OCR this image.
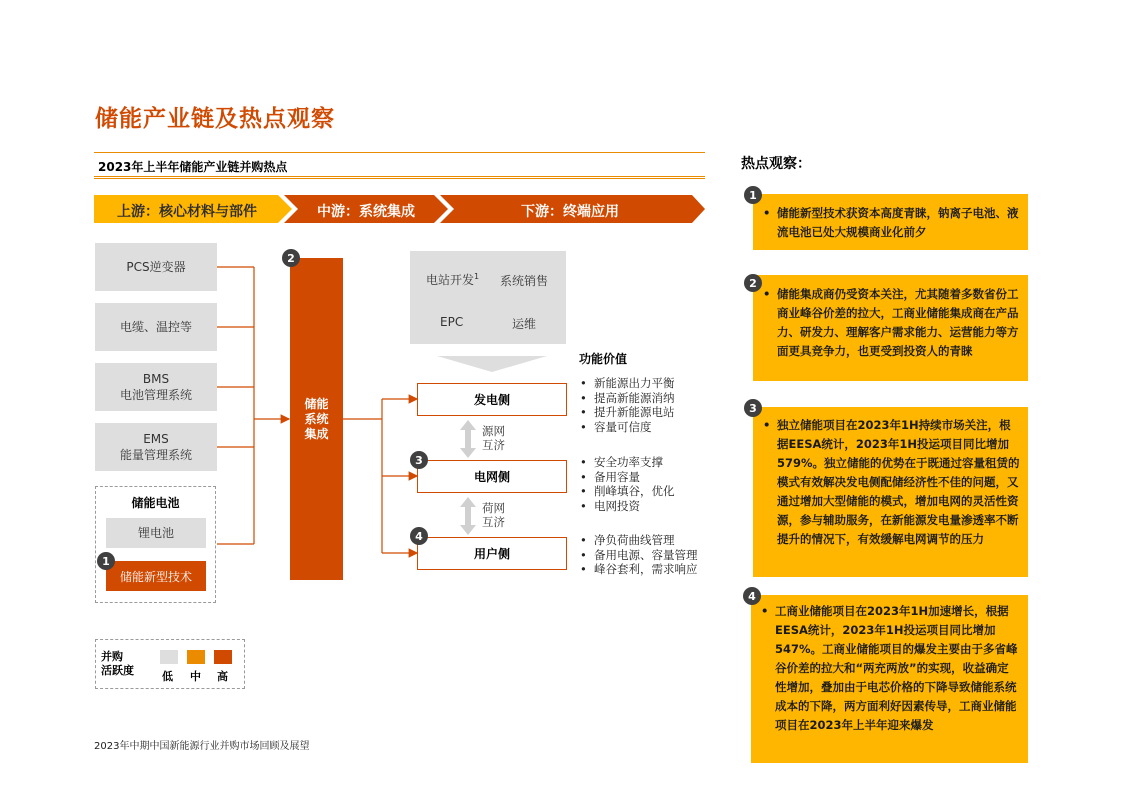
储能产业链及热点观察
2023年上半年储能产业链并购热点
上游：核心材料与部件	中游：系统集成	下游：终端应用
PCS逆变器
电缆、温控等
BMS
电池管理系统
EMS
能量管理系统
储能电池
锂电池
储能新型技术
1
储能
系统
集成
2
电站开发$^1$ 系统销售
EPC	运维
功能价值
发电侧
电网侧
用户侧
3
4
源网
互济
荷网
互济
• 新能源出力平衡
• 提高新能源消纳
• 提升新能源电站
• 容量可信度
• 安全功率支撑
• 备用容量
• 削峰填谷，优化
• 电网投资
• 净负荷曲线管理
• 备用电源、容量管理
• 峰谷套利，需求响应
并购
活跃度	低 中 高
2023年中期中国新能源行业并购市场回顾及展望
热点观察：
• 储能新型技术获资本高度青睐，钠离子电池、液流电池已处大规模商业化前夕
1
• 储能集成商仍受资本关注，尤其随着多数省份工商业峰谷价差的拉大，工商业储能集成商在产品力、研发力、理解客户需求能力、运营能力等方面更具竞争力，也更受到投资人的青睐
2
• 独立储能项目在2023年1H持续市场关注，根据EESA统计，2023年1H投运项目同比增加579%。独立储能的优势在于既通过容量租赁的模式有效解决发电侧配储经济性不佳的问题，又通过增加大型储能的模式，增加电网的灵活性资源，参与辅助服务，在新能源发电量渗透率不断提升的情况下，有效缓解电网调节的压力
3
• 工商业储能项目在2023年1H加速增长，根据EESA统计，2023年1H投运项目同比增加547%。工商业储能项目的爆发主要由于多省峰谷价差的拉大和“两充两放”的实现，收益确定性增加，叠加由于电芯价格的下降导致储能系统成本的下降，两方面利好因素传导，工商业储能项目在2023年上半年迎来爆发
4
